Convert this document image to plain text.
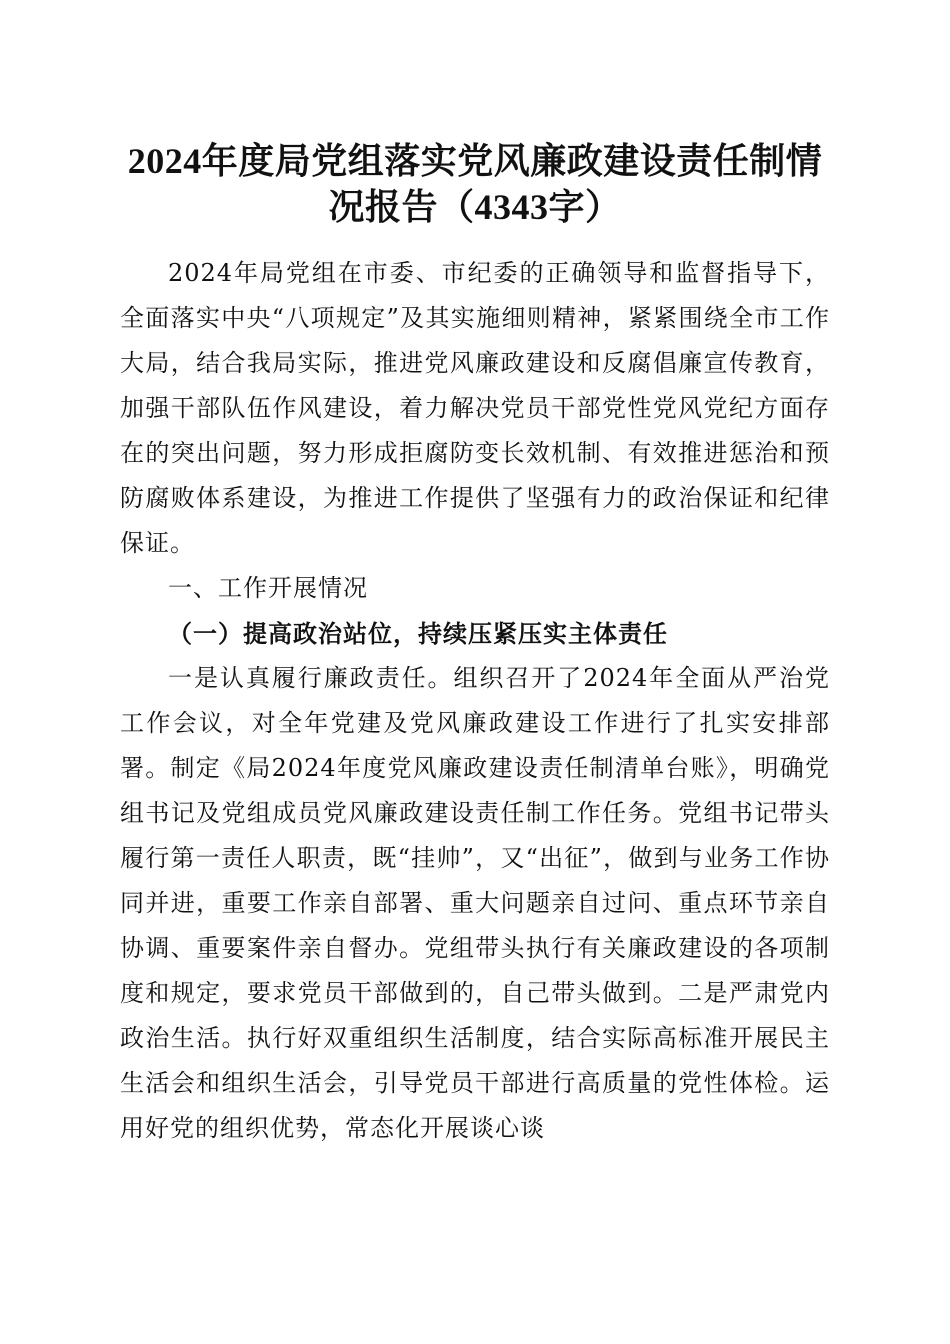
2024年度局党组落实党风廉政建设责任制情况报告（4343字）

2024年局党组在市委、市纪委的正确领导和监督指导下，全面落实中央“八项规定”及其实施细则精神，紧紧围绕全市工作大局，结合我局实际，推进党风廉政建设和反腐倡廉宣传教育，加强干部队伍作风建设，着力解决党员干部党性党风党纪方面存在的突出问题，努力形成拒腐防变长效机制、有效推进惩治和预防腐败体系建设，为推进工作提供了坚强有力的政治保证和纪律保证。

一、工作开展情况

（一）提高政治站位，持续压紧压实主体责任

一是认真履行廉政责任。组织召开了2024年全面从严治党工作会议，对全年党建及党风廉政建设工作进行了扎实安排部署。制定《局2024年度党风廉政建设责任制清单台账》，明确党组书记及党组成员党风廉政建设责任制工作任务。党组书记带头履行第一责任人职责，既“挂帅”，又“出征”，做到与业务工作协同并进，重要工作亲自部署、重大问题亲自过问、重点环节亲自协调、重要案件亲自督办。党组带头执行有关廉政建设的各项制度和规定，要求党员干部做到的，自己带头做到。二是严肃党内政治生活。执行好双重组织生活制度，结合实际高标准开展民主生活会和组织生活会，引导党员干部进行高质量的党性体检。运用好党的组织优势，常态化开展谈心谈
